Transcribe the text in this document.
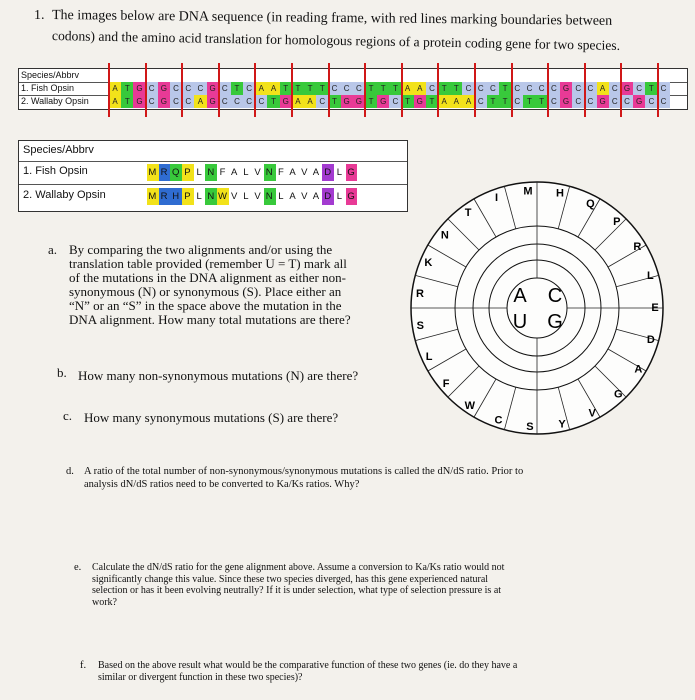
1. The images below are DNA sequence (in reading frame, with red lines marking boundaries between
codons) and the amino acid translation for homologous regions of a protein coding gene for two species.
Species/Abbrv
1. Fish Opsin	A T G C G C C C G C T C A A T T T T C C C T T T A A C T T C C C T C C C C G C C A C G C T C
2. Wallaby Opsin	A T G C G C C A G C C C C T G A A C T G G T G C T G T A A A C T T C T T C G C C G C C G C C
Species/Abbrv
1. Fish Opsin	M R Q P L N F A L V N F A V A D L G
2. Wallaby Opsin	M R H P L N W V L V N L A V A D L G
A C
U G
I
M H
Q
P
R
L
E
D
A
G
V
Y
S
C
W
F
L
S
R
K
N
T
a. By comparing the two alignments and/or using the
translation table provided (remember U = T) mark all
of the mutations in the DNA alignment as either non-
synonymous (N) or synonymous (S). Place either an
“N” or an “S” in the space above the mutation in the
DNA alignment. How many total mutations are there?
b. How many non-synonymous mutations (N) are there?
c. How many synonymous mutations (S) are there?
d. A ratio of the total number of non-synonymous/synonymous mutations is called the dN/dS ratio. Prior to
analysis dN/dS ratios need to be converted to Ka/Ks ratios. Why?
e. Calculate the dN/dS ratio for the gene alignment above. Assume a conversion to Ka/Ks ratio would not
significantly change this value. Since these two species diverged, has this gene experienced natural
selection or has it been evolving neutrally? If it is under selection, what type of selection pressure is at
work?
f. Based on the above result what would be the comparative function of these two genes (ie. do they have a
similar or divergent function in these two species)?
